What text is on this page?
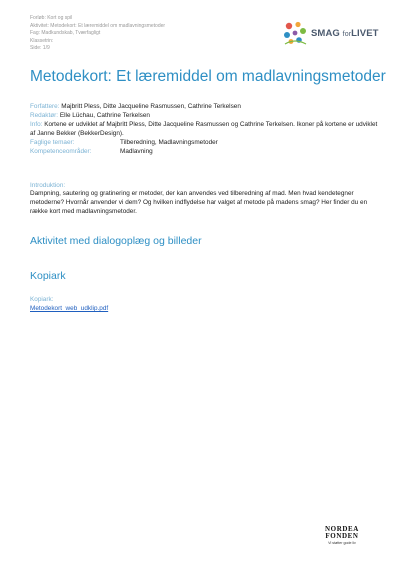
Forløb: Kort og spil
Aktivitet: Metodekort: Et læremiddel om madlavningsmetoder
Fag: Madkundskab, Tværfagligt
Klassetrin:
Side: 1/9
SMAG forLIVET
Metodekort: Et læremiddel om madlavningsmetoder
Forfattere: Majbritt Pless, Ditte Jacqueline Rasmussen, Cathrine Terkelsen
Redaktør: Elle Lüchau, Cathrine Terkelsen
Info: Kortene er udviklet af Majbritt Pless, Ditte Jacqueline Rasmussen og Cathrine Terkelsen. Ikoner på kortene er udviklet af Janne Bekker (BekkerDesign).
Faglige temaer:	Tilberedning, Madlavningsmetoder
Kompetenceområder:	Madlavning
Introduktion:
Dampning, sautering og gratinering er metoder, der kan anvendes ved tilberedning af mad. Men hvad kendetegner metoderne? Hvornår anvender vi dem? Og hvilken indflydelse har valget af metode på madens smag? Her finder du en række kort med madlavningsmetoder.
Aktivitet med dialogoplæg og billeder
Kopiark
Kopiark:
Metodekort_web_udklip.pdf
NORDEA
FONDEN
Vi støtter gode liv
